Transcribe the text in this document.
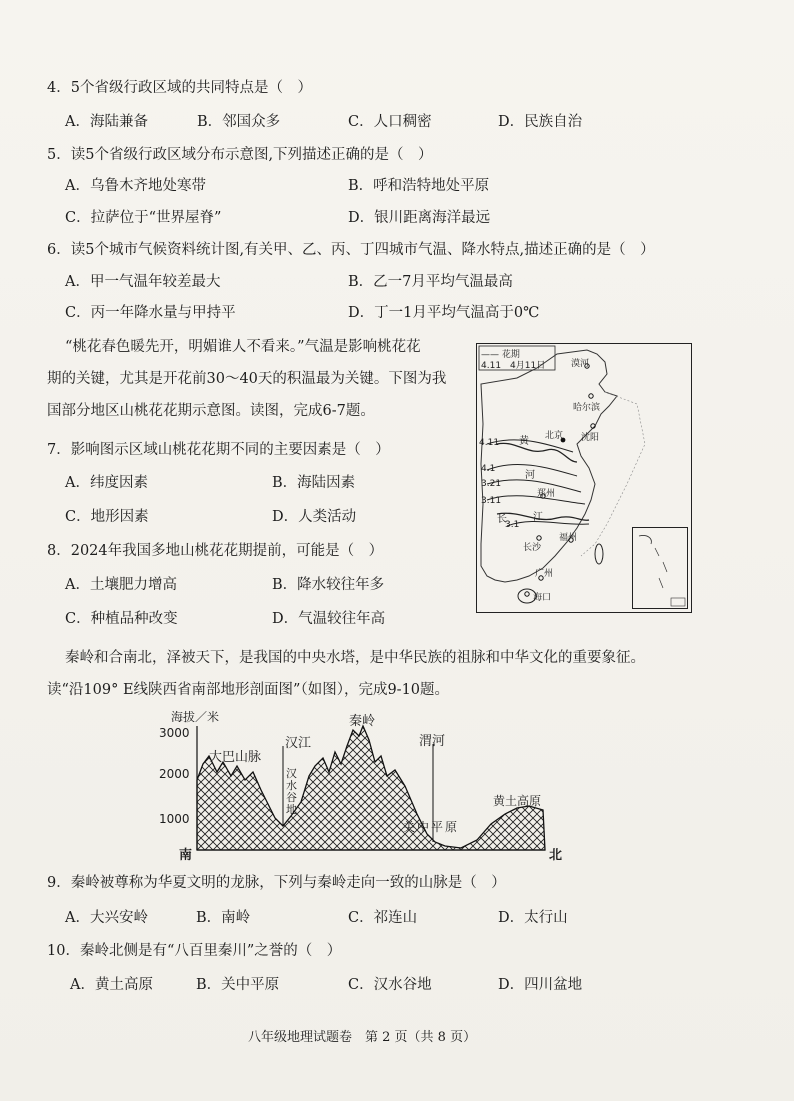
4．5个省级行政区域的共同特点是（　）
A．海陆兼备	B．邻国众多	C．人口稠密	D．民族自治
5．读5个省级行政区域分布示意图,下列描述正确的是（　）
A．乌鲁木齐地处寒带	B．呼和浩特地处平原
C．拉萨位于“世界屋脊”	D．银川距离海洋最远
6．读5个城市气候资料统计图,有关甲、乙、丙、丁四城市气温、降水特点,描述正确的是（　）
A．甲一气温年较差最大	B．乙一7月平均气温最高
C．丙一年降水量与甲持平	D．丁一1月平均气温高于0℃
“桃花春色暖先开，明媚谁人不看来。”气温是影响桃花花
期的关键，尤其是开花前30～40天的积温最为关键。下图为我
国部分地区山桃花花期示意图。读图，完成6-7题。
7．影响图示区域山桃花花期不同的主要因素是（　）
A．纬度因素	B．海陆因素
C．地形因素	D．人类活动
8．2024年我国多地山桃花花期提前，可能是（　）
A．土壤肥力增高	B．降水较往年多
C．种植品种改变	D．气温较往年高
—— 花期
4.11　4月11日	漠河
哈尔滨
沈阳
北京
郑州
长沙
福州
广州
海口
4.11
4.1
3.21
3.11
3.1
黄
河
长	江
秦岭和合南北，泽被天下，是我国的中央水塔，是中华民族的祖脉和中华文化的重要象征。
读“沿109° E线陕西省南部地形剖面图”（如图），完成9-10题。
海拔／米
3000
2000
1000
南	北
大巴山脉
汉江
汉水谷地
秦岭
渭河
关中平原
黄土高原
9．秦岭被尊称为华夏文明的龙脉，下列与秦岭走向一致的山脉是（　）
A．大兴安岭	B．南岭	C．祁连山	D．太行山
10．秦岭北侧是有“八百里秦川”之誉的（　）
A．黄土高原	B．关中平原	C．汉水谷地	D．四川盆地
八年级地理试题卷　第 2 页（共 8 页）
